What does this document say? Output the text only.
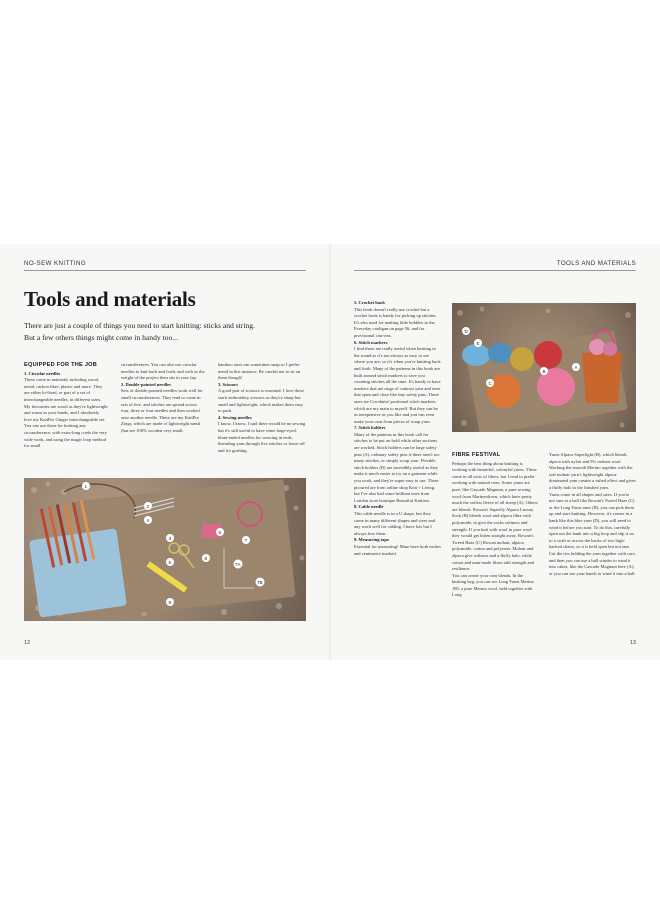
NO-SEW KNITTING	TOOLS AND MATERIALS
Tools and materials
There are just a couple of things you need to start knitting: sticks and string. But a few others things might come in handy too...

EQUIPPED FOR THE JOB

1. Circular needles

These come in materials including wood, metal, carbon fibre, plastic and more. They are either bi-fixed, or part of a set of interchangeable needles, in different sizes. My favourites are wood as they're lightweight and warm in your hands, and I absolutely love my KnitPro Ginger interchangeable set. You can use these for knitting any circumference, with extra-long cords the very wide work, and using the magic loop method for small

circumferences. You can also use circular needles to knit back and forth, and with as the weight of the project then sits in your lap.

2. Double-pointed needles

Sets of double-pointed needles work well for small circumferences. They tend to come in sets of five, and stitches are spread across four, three or four needles and then worked onto another needle. These are my KnitPro Zings, which are made of lightweight metal (but are 100% wooden very small,

bamboo ones can sometimes snap so I prefer metal in this instance. Be careful not to sit on them though!

3. Scissors

A good pair of scissors is essential. I love these stork embroidery scissors as they're sharp but small and lightweight, which makes them easy to pack.

4. Sewing needles

I know, I know, I said there would be no sewing but it's still useful to have some large-eyed, blunt-ended needles for weaving in ends, threading yarn through live stitches or loose-off and for grafting.

1
2
3
4
5
6
7
7A
7B
8
9

5. Crochet hook

This book doesn't really use crochet but a crochet hook is handy for picking up stitches. It's also used for making little bobbles in the Everyday cardigan on page 56, and for provisional cast-ons.

6. Stitch markers

I find these are really useful when knitting in the round as it's not always as easy to see where you are, so it's when you're knitting back and forth. Many of the patterns in this book are built around stitch markers to save you counting stitches all the time. It's handy to have markers that are rings of contrast yarn and ones that open and close like tiny safety pins. These ones are Cocoknits' positional stitch markers, which are my main to myself. But they can be as inexpensive as you like and you can even make your own from pieces of scrap yarn.

7. Stitch holders

Many of the patterns in this book call for stitches to be put on hold while other sections are worked. Stitch holders can be large safety pins (A), ordinary safety pins if there aren't too many stitches, or simply scrap yarn. Flexible stitch holders (B) are incredibly useful as they make it much easier to try on a garment while you work, and they're super easy to use. These pictured are from online shop Knit + Living, but I've also had some brilliant ones from London store boutique Beautiful Knitters.

8. Cable needle

This cable needle is in a U shape, but they come in many different shapes and sizes and any work well for cabling. I have lots but I always lose them.

9. Measuring tape

Essential for measuring! Mine have both inches and centimetre marked.

D
A
B
C
E

FIBRE FESTIVAL

Perhaps the best thing about knitting is working with beautiful, colourful yarns. These come in all sorts of fibres, but I tend to prefer working with natural ones. Some yarns are pure, like Cascade Magnum, a pure sewing wool from Marinesdown, which have pretty much the softest fleece of all sheep (A). Others are blends. Rowan's Superfly Alpaca Luxury Sock (B) blends wool and alpaca fibre with polyamide, to give the socks softness and strength. If you knit with wool in pure wool they would get bitten straight away. Rowan's Tweed Haze (C) Rowan mohair, alpaca, polyamide, cotton and polyester. Mohair and alpaca give softness and a fluffy halo, while cotton and man-made fibres add strength and resilience.

You can create your own blends. In the knitting bag, you can see Long Yarns Merino 180, a pure Merino wool, held together with Long

Yarns Alpaca Superlight (B), which blends alpaca with nylon and 5% mohair wool. Working the smooth Merino together with the soft mohair yarn's lightweight alpaca-dominated yarn creates a tufted effect and gives a fluffy halo to the finished yarn.

Yarns come in all shapes and sizes. If you're not sure at a ball like Rowan's Tweed Haze (C) or the Long Yarns ones (B), you can pick them up and start knitting. However, it's comes in a hank like this blue yarn (D), you will need to wind it before you start. To do this, carefully open out the hank into a big loop and slip it on to a swift or across the backs of two high-backed chairs, so it is held open but not taut. Cut the ties holding the yarn together with care, and then you can use a ball winder to wind it into cakes, like the Cascade Magnum here (A), or you can use your hands to wind it into a ball.

12	13
